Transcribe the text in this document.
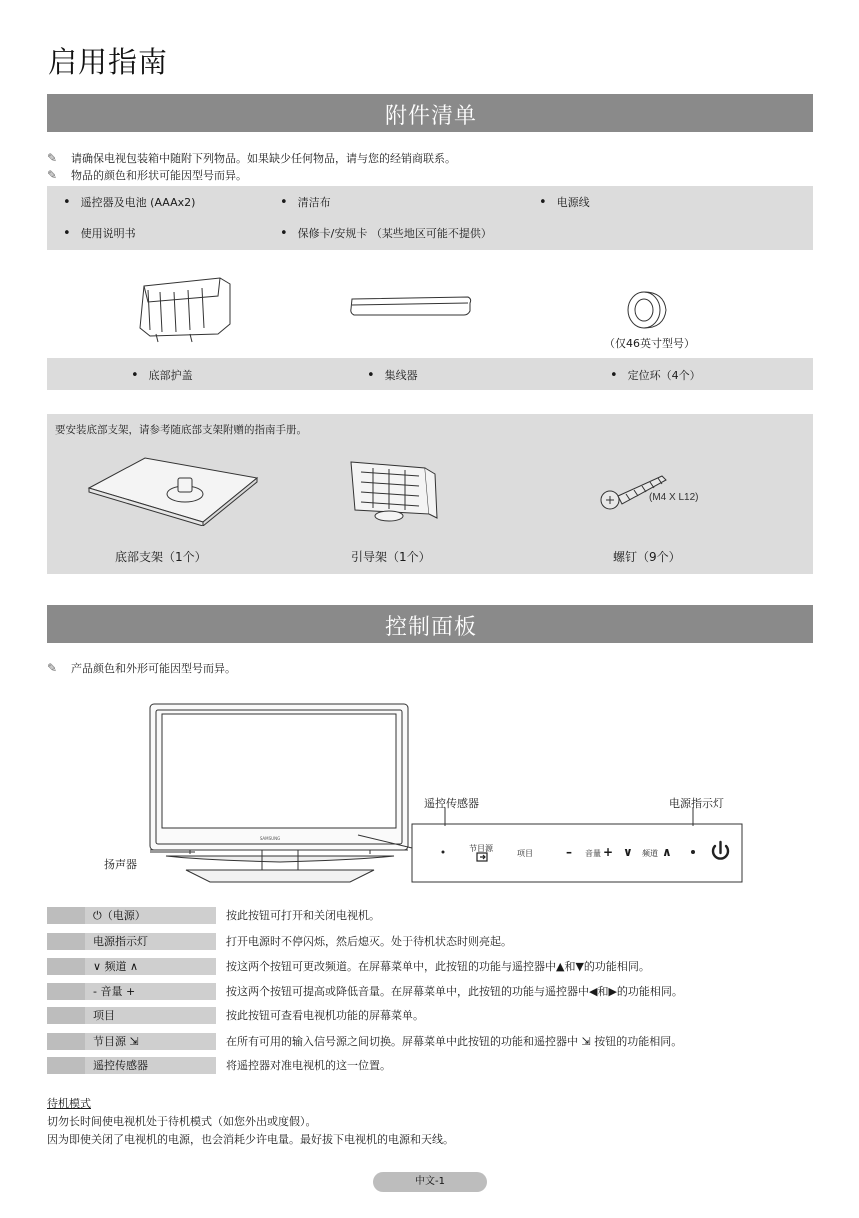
启用指南
附件清单
✎	请确保电视包装箱中随附下列物品。如果缺少任何物品，请与您的经销商联系。
✎	物品的颜色和形状可能因型号而异。
• 遥控器及电池 (AAAx2)	• 清洁布	• 电源线
• 使用说明书	• 保修卡/安规卡 （某些地区可能不提供）
（仅46英寸型号）
• 底部护盖	• 集线器	• 定位环（4个）
要安装底部支架，请参考随底部支架附赠的指南手册。
(M4 X L12)
底部支架（1个）	引导架（1个）	螺钉（9个）
控制面板
✎	产品颜色和外形可能因型号而异。
SAMSUNG
遥控传感器	电源指示灯
扬声器
节目源
项目	– 音量 + ∨ 频道 ∧
⏻（电源）	按此按钮可打开和关闭电视机。
电源指示灯	打开电源时不停闪烁，然后熄灭。处于待机状态时则亮起。
∨ 频道 ∧	按这两个按钮可更改频道。在屏幕菜单中，此按钮的功能与遥控器中▲和▼的功能相同。
- 音量 +	按这两个按钮可提高或降低音量。在屏幕菜单中，此按钮的功能与遥控器中◀和▶的功能相同。
项目	按此按钮可查看电视机功能的屏幕菜单。
节目源 ⇲	在所有可用的输入信号源之间切换。屏幕菜单中此按钮的功能和遥控器中 ⇲ 按钮的功能相同。
遥控传感器	将遥控器对准电视机的这一位置。
待机模式
切勿长时间使电视机处于待机模式（如您外出或度假）。
因为即使关闭了电视机的电源，也会消耗少许电量。最好拔下电视机的电源和天线。
中文-1
